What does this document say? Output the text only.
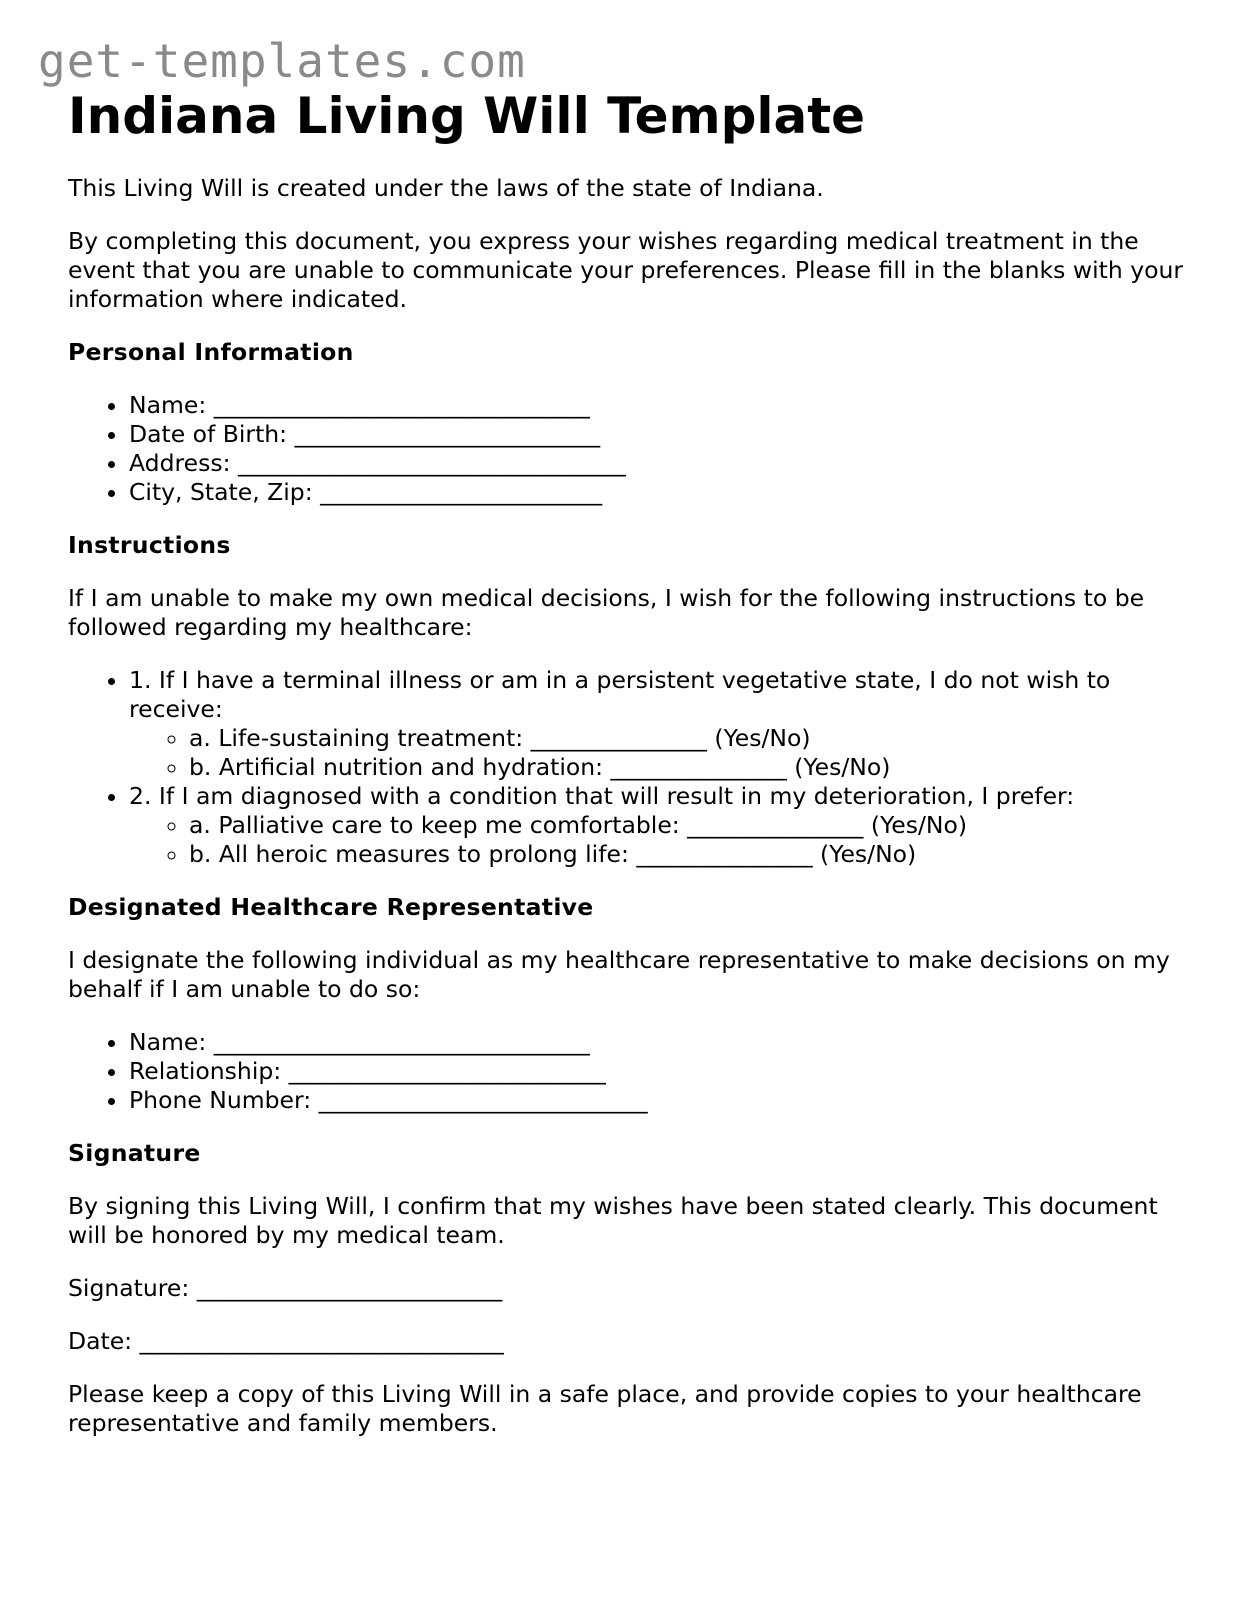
get-templates.com
Indiana Living Will Template

This Living Will is created under the laws of the state of Indiana.

By completing this document, you express your wishes regarding medical treatment in the event that you are unable to communicate your preferences. Please fill in the blanks with your information where indicated.

Personal Information
• Name: ________________________________
• Date of Birth: __________________________
• Address: _________________________________
• City, State, Zip: ________________________
Instructions

If I am unable to make my own medical decisions, I wish for the following instructions to be followed regarding my healthcare:

• 1. If I have a terminal illness or am in a persistent vegetative state, I do not wish to receive:
◦ a. Life-sustaining treatment: _______________ (Yes/No)
◦ b. Artificial nutrition and hydration: _______________ (Yes/No)
• 2. If I am diagnosed with a condition that will result in my deterioration, I prefer:
◦ a. Palliative care to keep me comfortable: _______________ (Yes/No)
◦ b. All heroic measures to prolong life: _______________ (Yes/No)
Designated Healthcare Representative

I designate the following individual as my healthcare representative to make decisions on my behalf if I am unable to do so:

• Name: ________________________________
• Relationship: ___________________________
• Phone Number: ____________________________
Signature

By signing this Living Will, I confirm that my wishes have been stated clearly. This document will be honored by my medical team.

Signature: __________________________

Date: _______________________________

Please keep a copy of this Living Will in a safe place, and provide copies to your healthcare representative and family members.
